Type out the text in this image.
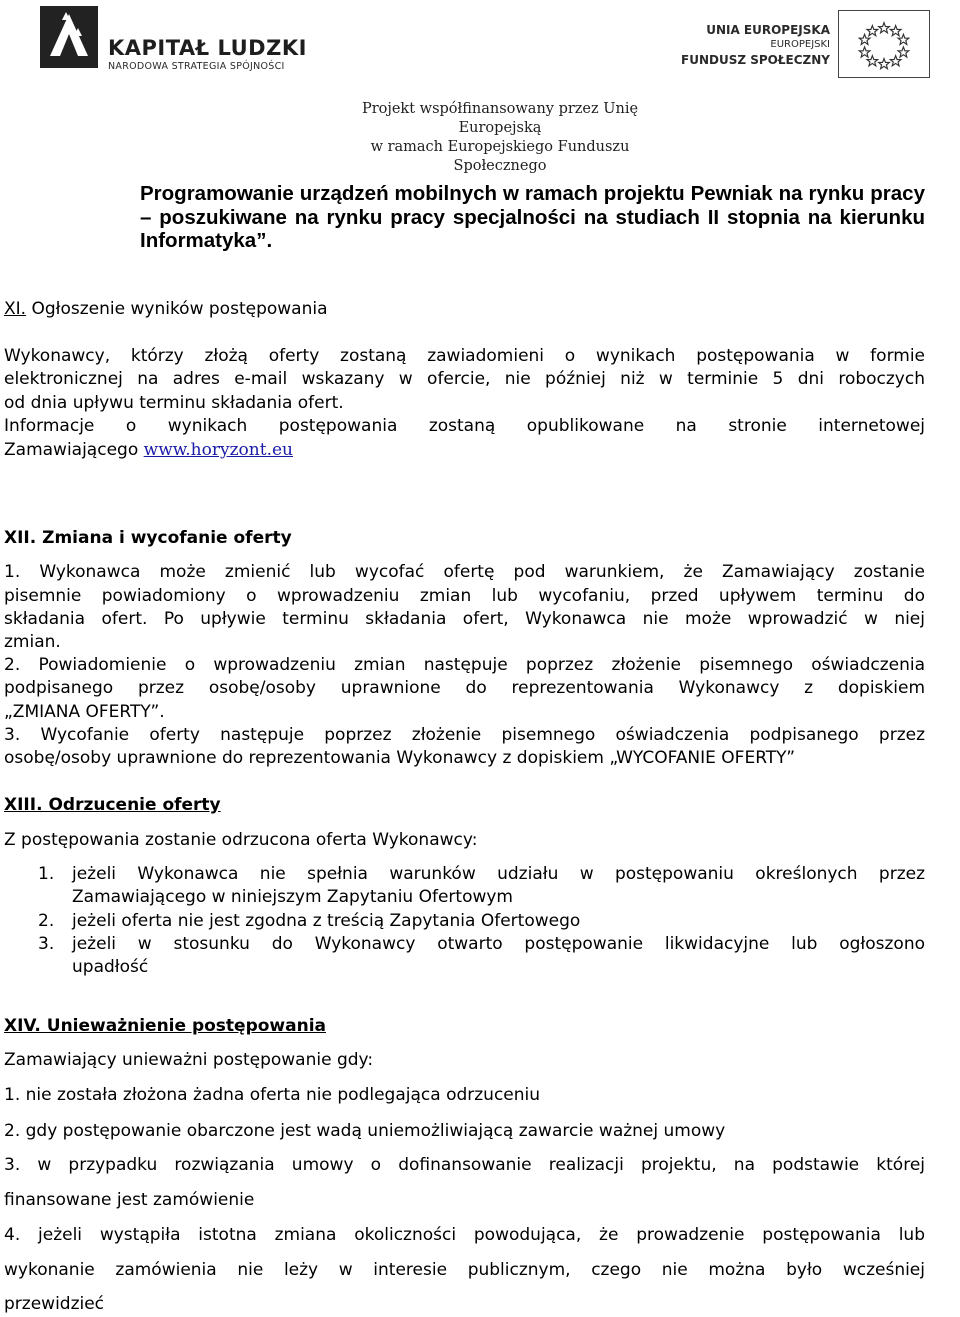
KAPITAŁ LUDZKI
NARODOWA STRATEGIA SPÓJNOŚCI
UNIA EUROPEJSKA
EUROPEJSKI
FUNDUSZ SPOŁECZNY
Projekt współfinansowany przez Unię Europejską
w ramach Europejskiego Funduszu Społecznego
Programowanie urządzeń mobilnych w ramach projektu Pewniak na rynku pracy – poszukiwane na rynku pracy specjalności na studiach II stopnia na kierunku Informatyka”.
XI. Ogłoszenie wyników postępowania
Wykonawcy, którzy złożą oferty zostaną zawiadomieni o wynikach postępowania w formie
elektronicznej na adres e-mail wskazany w ofercie, nie później niż w terminie 5 dni roboczych
od dnia upływu terminu składania ofert.
Informacje o wynikach postępowania zostaną opublikowane na stronie internetowej
Zamawiającego www.horyzont.eu
XII. Zmiana i wycofanie oferty
1. Wykonawca może zmienić lub wycofać ofertę pod warunkiem, że Zamawiający zostanie
pisemnie powiadomiony o wprowadzeniu zmian lub wycofaniu, przed upływem terminu do
składania ofert. Po upływie terminu składania ofert, Wykonawca nie może wprowadzić w niej
zmian.
2. Powiadomienie o wprowadzeniu zmian następuje poprzez złożenie pisemnego oświadczenia
podpisanego przez osobę/osoby uprawnione do reprezentowania Wykonawcy z dopiskiem
„ZMIANA OFERTY”.
3. Wycofanie oferty następuje poprzez złożenie pisemnego oświadczenia podpisanego przez
osobę/osoby uprawnione do reprezentowania Wykonawcy z dopiskiem „WYCOFANIE OFERTY”
XIII. Odrzucenie oferty
Z postępowania zostanie odrzucona oferta Wykonawcy:
1. jeżeli Wykonawca nie spełnia warunków udziału w postępowaniu określonych przez
Zamawiającego w niniejszym Zapytaniu Ofertowym
2. jeżeli oferta nie jest zgodna z treścią Zapytania Ofertowego
3. jeżeli w stosunku do Wykonawcy otwarto postępowanie likwidacyjne lub ogłoszono
upadłość
XIV. Unieważnienie postępowania
Zamawiający unieważni postępowanie gdy:
1. nie została złożona żadna oferta nie podlegająca odrzuceniu
2. gdy postępowanie obarczone jest wadą uniemożliwiającą zawarcie ważnej umowy
3. w przypadku rozwiązania umowy o dofinansowanie realizacji projektu, na podstawie której
finansowane jest zamówienie
4. jeżeli wystąpiła istotna zmiana okoliczności powodująca, że prowadzenie postępowania lub
wykonanie zamówienia nie leży w interesie publicznym, czego nie można było wcześniej
przewidzieć
